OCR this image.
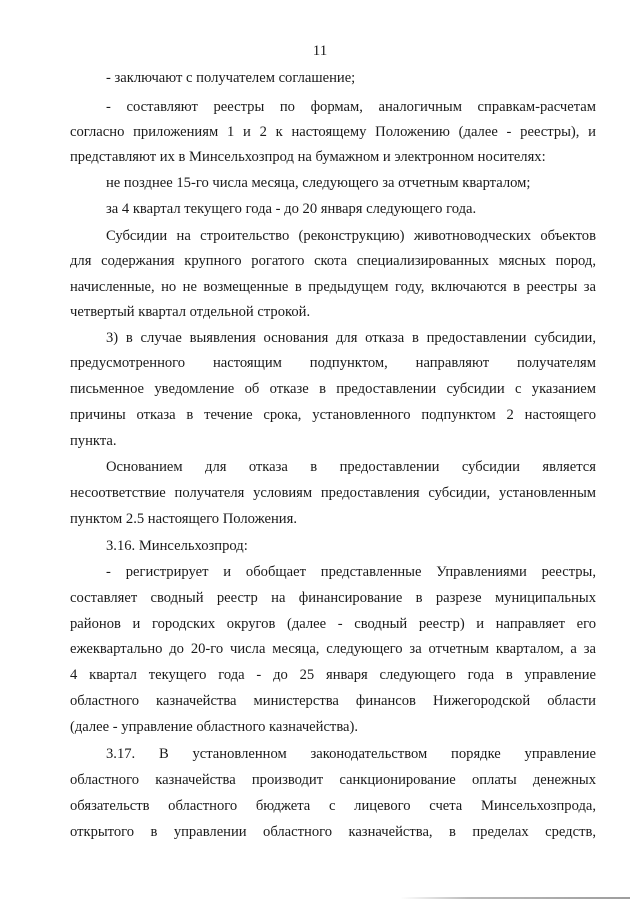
11
- заключают с получателем соглашение;
- составляют реестры по формам, аналогичным справкам-расчетам
согласно приложениям 1 и 2 к настоящему Положению (далее - реестры), и
представляют их в Минсельхозпрод на бумажном и электронном носителях:
не позднее 15-го числа месяца, следующего за отчетным кварталом;
за 4 квартал текущего года - до 20 января следующего года.
Субсидии на строительство (реконструкцию) животноводческих объектов
для содержания крупного рогатого скота специализированных мясных пород,
начисленные, но не возмещенные в предыдущем году, включаются в реестры за
четвертый квартал отдельной строкой.
3) в случае выявления основания для отказа в предоставлении субсидии,
предусмотренного настоящим подпунктом, направляют получателям
письменное уведомление об отказе в предоставлении субсидии с указанием
причины отказа в течение срока, установленного подпунктом 2 настоящего
пункта.
Основанием для отказа в предоставлении субсидии является
несоответствие получателя условиям предоставления субсидии, установленным
пунктом 2.5 настоящего Положения.
3.16. Минсельхозпрод:
- регистрирует и обобщает представленные Управлениями реестры,
составляет сводный реестр на финансирование в разрезе муниципальных
районов и городских округов (далее - сводный реестр) и направляет его
ежеквартально до 20-го числа месяца, следующего за отчетным кварталом, а за
4 квартал текущего года - до 25 января следующего года в управление
областного казначейства министерства финансов Нижегородской области
(далее - управление областного казначейства).
3.17. В установленном законодательством порядке управление
областного казначейства производит санкционирование оплаты денежных
обязательств областного бюджета с лицевого счета Минсельхозпрода,
открытого в управлении областного казначейства, в пределах средств,
